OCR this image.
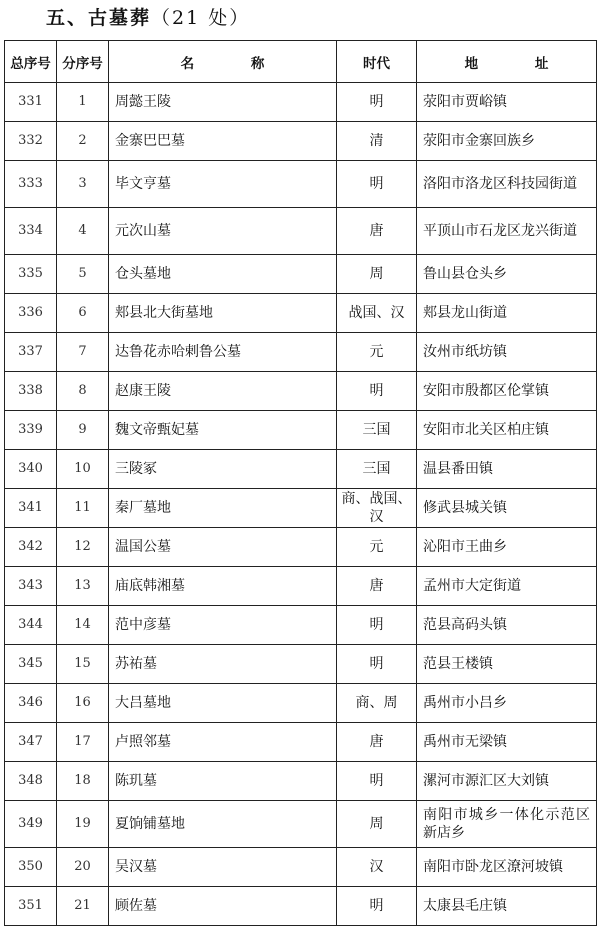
五、古墓葬（21 处）
总序号	分序号	名 称	时代	地 址
331	1	周懿王陵	明	荥阳市贾峪镇
332	2	金寨巴巴墓	清	荥阳市金寨回族乡
333	3	毕文亨墓	明	洛阳市洛龙区科技园街道
334	4	元次山墓	唐	平顶山市石龙区龙兴街道
335	5	仓头墓地	周	鲁山县仓头乡
336	6	郏县北大街墓地	战国、汉	郏县龙山街道
337	7	达鲁花赤哈剌鲁公墓	元	汝州市纸坊镇
338	8	赵康王陵	明	安阳市殷都区伦掌镇
339	9	魏文帝甄妃墓	三国	安阳市北关区柏庄镇
340	10	三陵冢	三国	温县番田镇
341	11	秦厂墓地	商、战国、汉	修武县城关镇
342	12	温国公墓	元	沁阳市王曲乡
343	13	庙底韩湘墓	唐	孟州市大定街道
344	14	范中彦墓	明	范县高码头镇
345	15	苏祐墓	明	范县王楼镇
346	16	大吕墓地	商、周	禹州市小吕乡
347	17	卢照邻墓	唐	禹州市无梁镇
348	18	陈玑墓	明	漯河市源汇区大刘镇
349	19	夏饷铺墓地	周	南阳市城乡一体化示范区新店乡
350	20	吴汉墓	汉	南阳市卧龙区潦河坡镇
351	21	顾佐墓	明	太康县毛庄镇
